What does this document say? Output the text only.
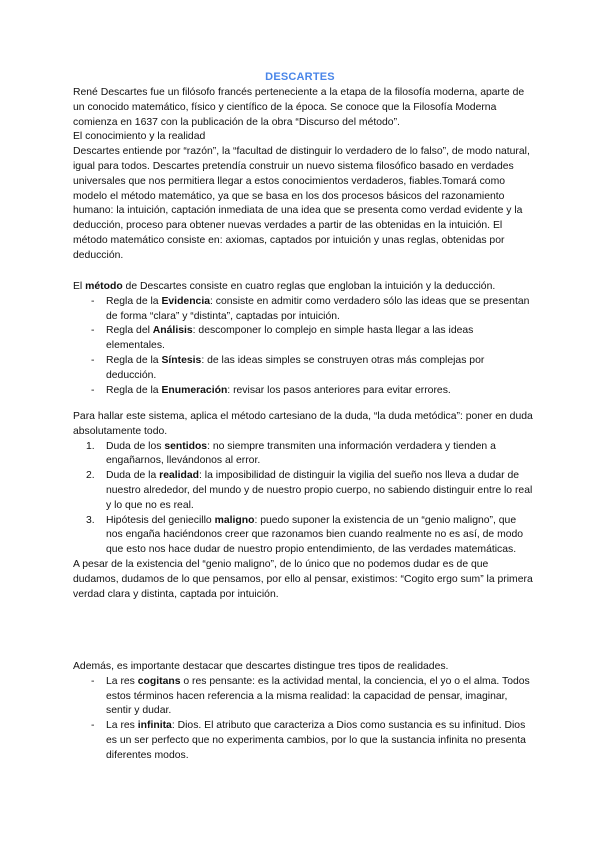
DESCARTES

René Descartes fue un filósofo francés perteneciente a la etapa de la filosofía moderna, aparte de un conocido matemático, físico y científico de la época. Se conoce que la Filosofía Moderna comienza en 1637 con la publicación de la obra “Discurso del método”.

El conocimiento y la realidad

Descartes entiende por “razón”, la “facultad de distinguir lo verdadero de lo falso”, de modo natural, igual para todos. Descartes pretendía construir un nuevo sistema filosófico basado en verdades universales que nos permitiera llegar a estos conocimientos verdaderos, fiables.Tomará como modelo el método matemático, ya que se basa en los dos procesos básicos del razonamiento humano: la intuición, captación inmediata de una idea que se presenta como verdad evidente y la deducción, proceso para obtener nuevas verdades a partir de las obtenidas en la intuición. El método matemático consiste en: axiomas, captados por intuición y unas reglas, obtenidas por deducción.

El método de Descartes consiste en cuatro reglas que engloban la intuición y la deducción.

- Regla de la Evidencia: consiste en admitir como verdadero sólo las ideas que se presentan de forma “clara” y “distinta”, captadas por intuición.
- Regla del Análisis: descomponer lo complejo en simple hasta llegar a las ideas elementales.
- Regla de la Síntesis: de las ideas simples se construyen otras más complejas por deducción.
- Regla de la Enumeración: revisar los pasos anteriores para evitar errores.

Para hallar este sistema, aplica el método cartesiano de la duda, “la duda metódica”: poner en duda absolutamente todo.

1. Duda de los sentidos: no siempre transmiten una información verdadera y tienden a engañarnos, llevándonos al error.
2. Duda de la realidad: la imposibilidad de distinguir la vigilia del sueño nos lleva a dudar de nuestro alrededor, del mundo y de nuestro propio cuerpo, no sabiendo distinguir entre lo real y lo que no es real.
3. Hipótesis del geniecillo maligno: puedo suponer la existencia de un “genio maligno”, que nos engaña haciéndonos creer que razonamos bien cuando realmente no es así, de modo que esto nos hace dudar de nuestro propio entendimiento, de las verdades matemáticas.

A pesar de la existencia del “genio maligno”, de lo único que no podemos dudar es de que dudamos, dudamos de lo que pensamos, por ello al pensar, existimos: “Cogito ergo sum” la primera verdad clara y distinta, captada por intuición.

Además, es importante destacar que descartes distingue tres tipos de realidades.

- La res cogitans o res pensante: es la actividad mental, la conciencia, el yo o el alma. Todos estos términos hacen referencia a la misma realidad: la capacidad de pensar, imaginar, sentir y dudar.
- La res infinita: Dios. El atributo que caracteriza a Dios como sustancia es su infinitud. Dios es un ser perfecto que no experimenta cambios, por lo que la sustancia infinita no presenta diferentes modos.
